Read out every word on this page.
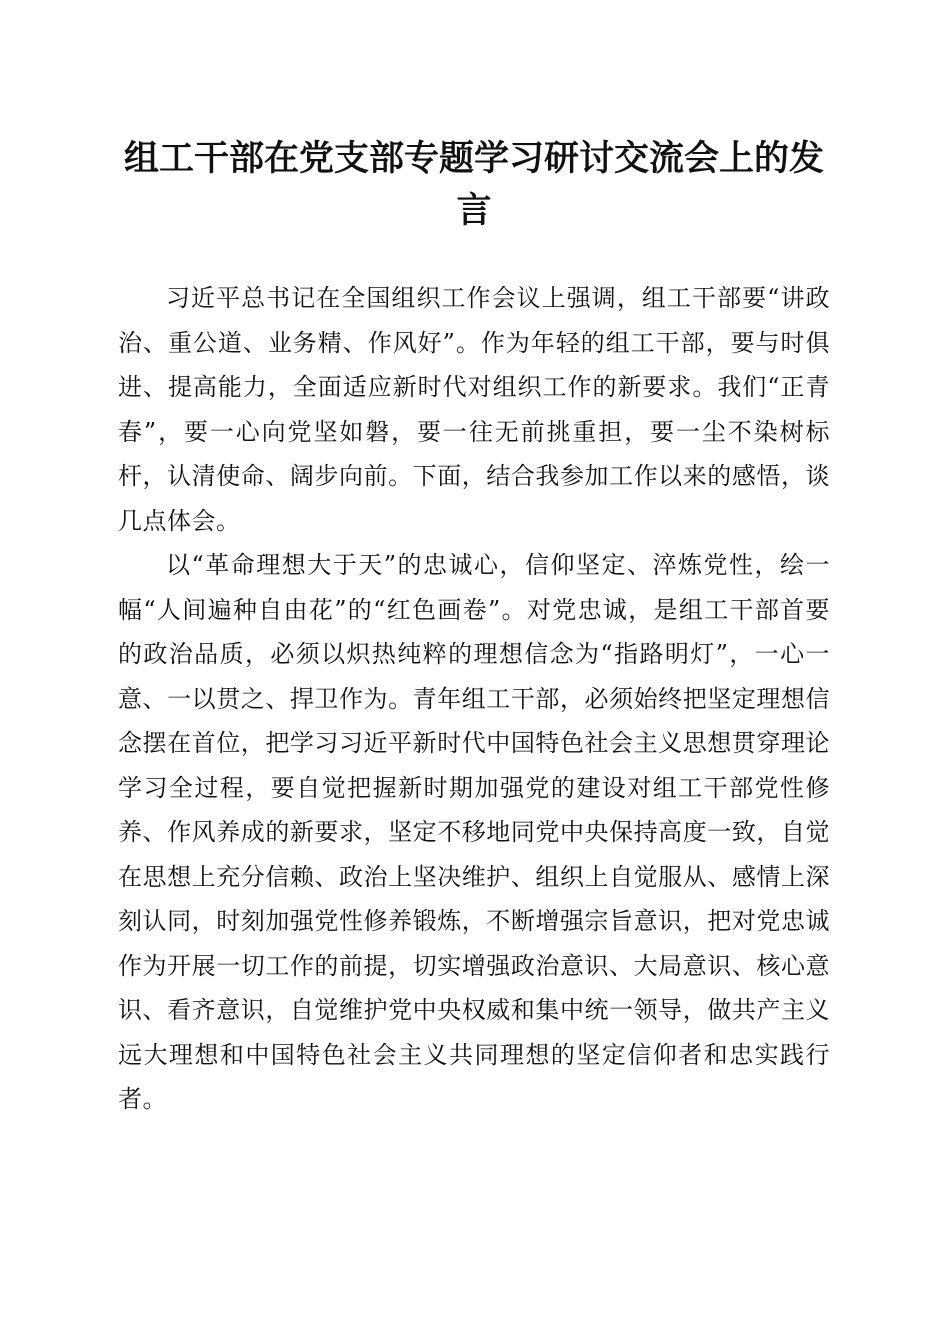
组工干部在党支部专题学习研讨交流会上的发言

习近平总书记在全国组织工作会议上强调，组工干部要“讲政治、重公道、业务精、作风好”。作为年轻的组工干部，要与时俱进、提高能力，全面适应新时代对组织工作的新要求。我们“正青春”，要一心向党坚如磐，要一往无前挑重担，要一尘不染树标杆，认清使命、阔步向前。下面，结合我参加工作以来的感悟，谈几点体会。

以“革命理想大于天”的忠诚心，信仰坚定、淬炼党性，绘一幅“人间遍种自由花”的“红色画卷”。对党忠诚，是组工干部首要的政治品质，必须以炽热纯粹的理想信念为“指路明灯”，一心一意、一以贯之、捍卫作为。青年组工干部，必须始终把坚定理想信念摆在首位，把学习习近平新时代中国特色社会主义思想贯穿理论学习全过程，要自觉把握新时期加强党的建设对组工干部党性修养、作风养成的新要求，坚定不移地同党中央保持高度一致，自觉在思想上充分信赖、政治上坚决维护、组织上自觉服从、感情上深刻认同，时刻加强党性修养锻炼，不断增强宗旨意识，把对党忠诚作为开展一切工作的前提，切实增强政治意识、大局意识、核心意识、看齐意识，自觉维护党中央权威和集中统一领导，做共产主义远大理想和中国特色社会主义共同理想的坚定信仰者和忠实践行者。
